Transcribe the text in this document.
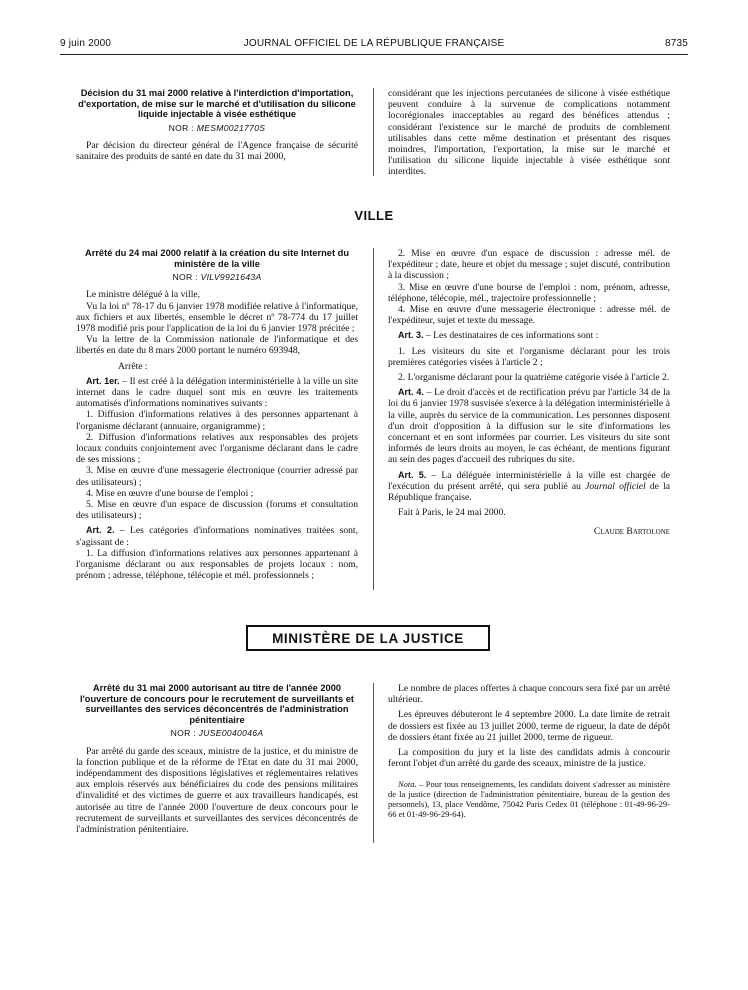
9 juin 2000	JOURNAL OFFICIEL DE LA RÉPUBLIQUE FRANÇAISE	8735
Décision du 31 mai 2000 relative à l'interdiction d'importation, d'exportation, de mise sur le marché et d'utilisation du silicone liquide injectable à visée esthétique
NOR : MESM0021770S

Par décision du directeur général de l'Agence française de sécurité sanitaire des produits de santé en date du 31 mai 2000,

considérant que les injections percutanées de silicone à visée esthétique peuvent conduire à la survenue de complications notamment locorégionales inacceptables au regard des bénéfices attendus ; considérant l'existence sur le marché de produits de comblement utilisables dans cette même destination et présentant des risques moindres, l'importation, l'exportation, la mise sur le marché et l'utilisation du silicone liquide injectable à visée esthétique sont interdites.

VILLE
Arrêté du 24 mai 2000 relatif à la création du site Internet du ministère de la ville
NOR : VILV9921643A

Le ministre délégué à la ville,

Vu la loi nº 78-17 du 6 janvier 1978 modifiée relative à l'informatique, aux fichiers et aux libertés, ensemble le décret nº 78-774 du 17 juillet 1978 modifié pris pour l'application de la loi du 6 janvier 1978 précitée ;

Vu la lettre de la Commission nationale de l'informatique et des libertés en date du 8 mars 2000 portant le numéro 693948,

Arrête :

Art. 1er. – Il est créé à la délégation interministérielle à la ville un site internet dans le cadre duquel sont mis en œuvre les traitements automatisés d'informations nominatives suivants :

1. Diffusion d'informations relatives à des personnes appartenant à l'organisme déclarant (annuaire, organigramme) ;

2. Diffusion d'informations relatives aux responsables des projets locaux conduits conjointement avec l'organisme déclarant dans le cadre de ses missions ;

3. Mise en œuvre d'une messagerie électronique (courrier adressé par des utilisateurs) ;

4. Mise en œuvre d'une bourse de l'emploi ;

5. Mise en œuvre d'un espace de discussion (forums et consultation des utilisateurs) ;

Art. 2. – Les catégories d'informations nominatives traitées sont, s'agissant de :

1. La diffusion d'informations relatives aux personnes appartenant à l'organisme déclarant ou aux responsables de projets locaux : nom, prénom ; adresse, téléphone, télécopie et mél. professionnels ;

2. Mise en œuvre d'un espace de discussion : adresse mél. de l'expéditeur ; date, heure et objet du message ; sujet discuté, contribution à la discussion ;

3. Mise en œuvre d'une bourse de l'emploi : nom, prénom, adresse, téléphone, télécopie, mél., trajectoire professionnelle ;

4. Mise en œuvre d'une messagerie électronique : adresse mél. de l'expéditeur, sujet et texte du message.

Art. 3. – Les destinataires de ces informations sont :

1. Les visiteurs du site et l'organisme déclarant pour les trois premières catégories visées à l'article 2 ;

2. L'organisme déclarant pour la quatrième catégorie visée à l'article 2.

Art. 4. – Le droit d'accès et de rectification prévu par l'article 34 de la loi du 6 janvier 1978 susvisée s'exerce à la délégation interministérielle à la ville, auprès du service de la communication. Les personnes disposent d'un droit d'opposition à la diffusion sur le site d'informations les concernant et en sont informées par courrier. Les visiteurs du site sont informés de leurs droits au moyen, le cas échéant, de mentions figurant au sein des pages d'accueil des rubriques du site.

Art. 5. – La déléguée interministérielle à la ville est chargée de l'exécution du présent arrêté, qui sera publié au Journal officiel de la République française.

Fait à Paris, le 24 mai 2000.

Claude Bartolone
MINISTÈRE DE LA JUSTICE
Arrêté du 31 mai 2000 autorisant au titre de l'année 2000 l'ouverture de concours pour le recrutement de surveillants et surveillantes des services déconcentrés de l'administration pénitentiaire
NOR : JUSE0040046A

Par arrêté du garde des sceaux, ministre de la justice, et du ministre de la fonction publique et de la réforme de l'Etat en date du 31 mai 2000, indépendamment des dispositions législatives et réglementaires relatives aux emplois réservés aux bénéficiaires du code des pensions militaires d'invalidité et des victimes de guerre et aux travailleurs handicapés, est autorisée au titre de l'année 2000 l'ouverture de deux concours pour le recrutement de surveillants et surveillantes des services déconcentrés de l'administration pénitentiaire.

Le nombre de places offertes à chaque concours sera fixé par un arrêté ultérieur.

Les épreuves débuteront le 4 septembre 2000. La date limite de retrait de dossiers est fixée au 13 juillet 2000, terme de rigueur, la date de dépôt de dossiers étant fixée au 21 juillet 2000, terme de rigueur.

La composition du jury et la liste des candidats admis à concourir feront l'objet d'un arrêté du garde des sceaux, ministre de la justice.

Nota. – Pour tous renseignements, les candidats doivent s'adresser au ministère de la justice (direction de l'administration pénitentiaire, bureau de la gestion des personnels), 13, place Vendôme, 75042 Paris Cedex 01 (téléphone : 01-49-96-29-66 et 01-49-96-29-64).
